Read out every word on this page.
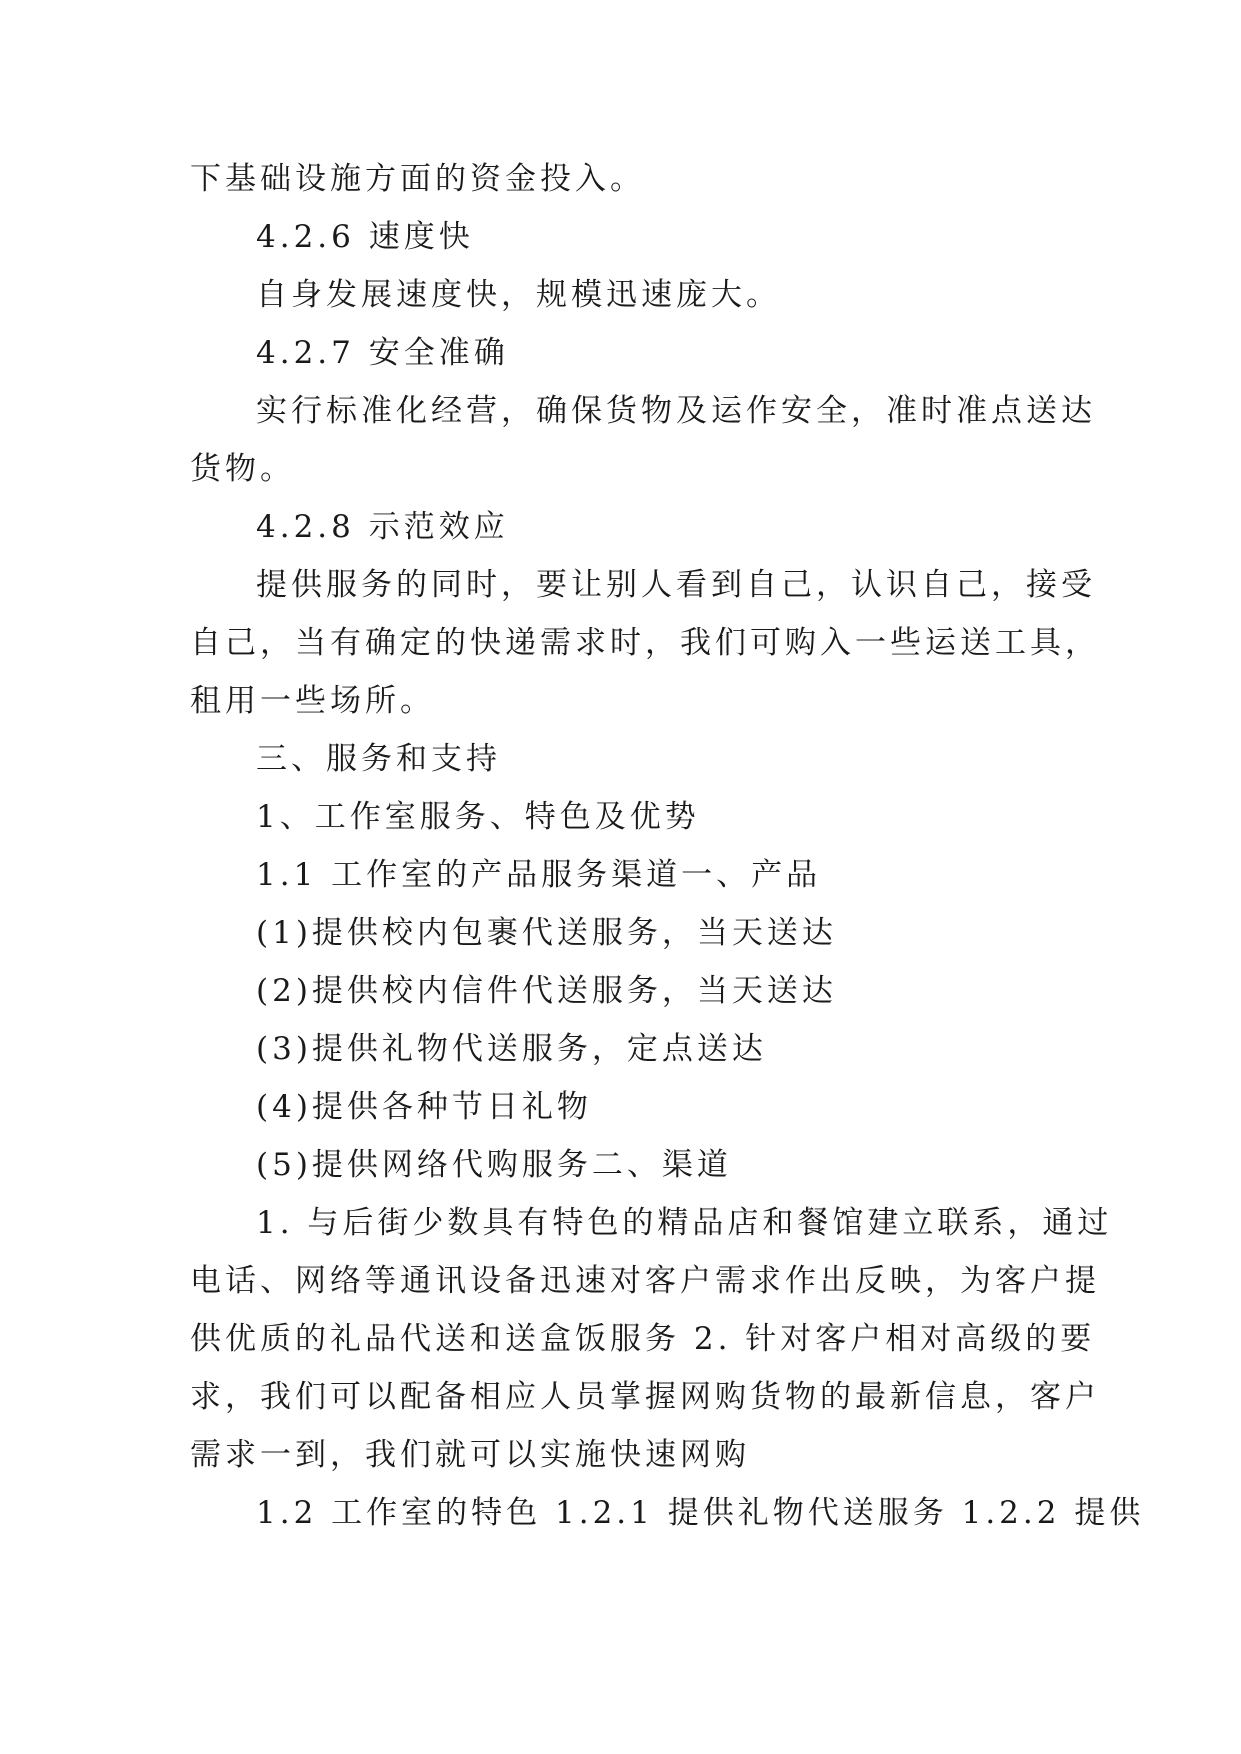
下基础设施方面的资金投入。
4.2.6 速度快
自身发展速度快，规模迅速庞大。
4.2.7 安全准确
实行标准化经营，确保货物及运作安全，准时准点送达
货物。
4.2.8 示范效应
提供服务的同时，要让别人看到自己，认识自己，接受
自己，当有确定的快递需求时，我们可购入一些运送工具，
租用一些场所。
三、服务和支持
1、工作室服务、特色及优势
1.1 工作室的产品服务渠道一、产品
(1)提供校内包裹代送服务，当天送达
(2)提供校内信件代送服务，当天送达
(3)提供礼物代送服务，定点送达
(4)提供各种节日礼物
(5)提供网络代购服务二、渠道
1. 与后街少数具有特色的精品店和餐馆建立联系，通过
电话、网络等通讯设备迅速对客户需求作出反映，为客户提
供优质的礼品代送和送盒饭服务 2. 针对客户相对高级的要
求，我们可以配备相应人员掌握网购货物的最新信息，客户
需求一到，我们就可以实施快速网购
1.2 工作室的特色 1.2.1 提供礼物代送服务 1.2.2 提供
